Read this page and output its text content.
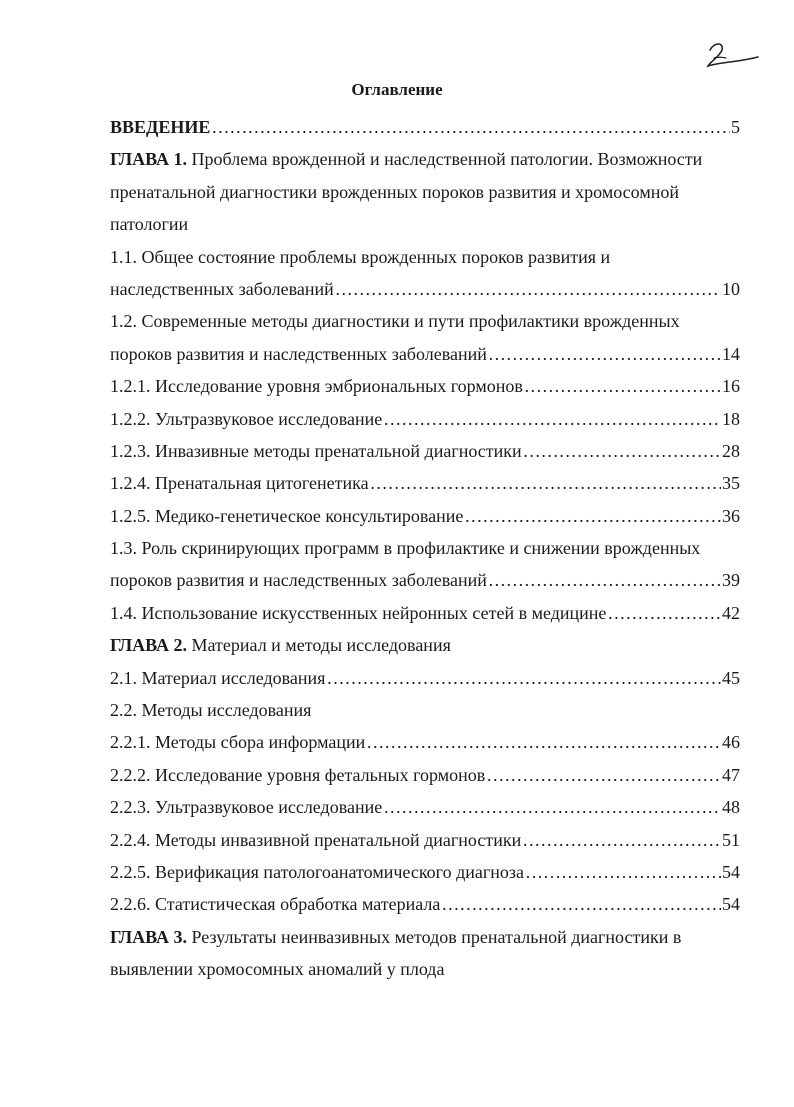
Оглавление
ВВЕДЕНИЕ ……………………………………………………………………………………………………………………………………………………………………………	5
ГЛАВА 1. Проблема врожденной и наследственной патологии. Возможности
пренатальной диагностики врожденных пороков развития и хромосомной
патологии
1.1. Общее состояние проблемы врожденных пороков развития и
наследственных заболеваний ……………………………………………………………………………………………………………………………………………………………………………	10
1.2. Современные методы диагностики и пути профилактики врожденных
пороков развития и наследственных заболеваний ……………………………………………………………………………………………………………………………………………………………………………	14
1.2.1. Исследование уровня эмбриональных гормонов ……………………………………………………………………………………………………………………………………………………………………………	16
1.2.2. Ультразвуковое исследование ……………………………………………………………………………………………………………………………………………………………………………	18
1.2.3. Инвазивные методы пренатальной диагностики ……………………………………………………………………………………………………………………………………………………………………………	28
1.2.4. Пренатальная цитогенетика ……………………………………………………………………………………………………………………………………………………………………………	35
1.2.5. Медико-генетическое консультирование ……………………………………………………………………………………………………………………………………………………………………………	36
1.3. Роль скринирующих программ в профилактике и снижении врожденных
пороков развития и наследственных заболеваний ……………………………………………………………………………………………………………………………………………………………………………	39
1.4. Использование искусственных нейронных сетей в медицине ……………………………………………………………………………………………………………………………………………………………………………	42
ГЛАВА 2. Материал и методы исследования
2.1. Материал исследования ……………………………………………………………………………………………………………………………………………………………………………	45
2.2. Методы исследования
2.2.1. Методы сбора информации ……………………………………………………………………………………………………………………………………………………………………………	46
2.2.2. Исследование уровня фетальных гормонов ……………………………………………………………………………………………………………………………………………………………………………	47
2.2.3. Ультразвуковое исследование ……………………………………………………………………………………………………………………………………………………………………………	48
2.2.4. Методы инвазивной пренатальной диагностики ……………………………………………………………………………………………………………………………………………………………………………	51
2.2.5. Верификация патологоанатомического диагноза ……………………………………………………………………………………………………………………………………………………………………………	54
2.2.6. Статистическая обработка материала ……………………………………………………………………………………………………………………………………………………………………………	54
ГЛАВА 3. Результаты неинвазивных методов пренатальной диагностики в
выявлении хромосомных аномалий у плода
